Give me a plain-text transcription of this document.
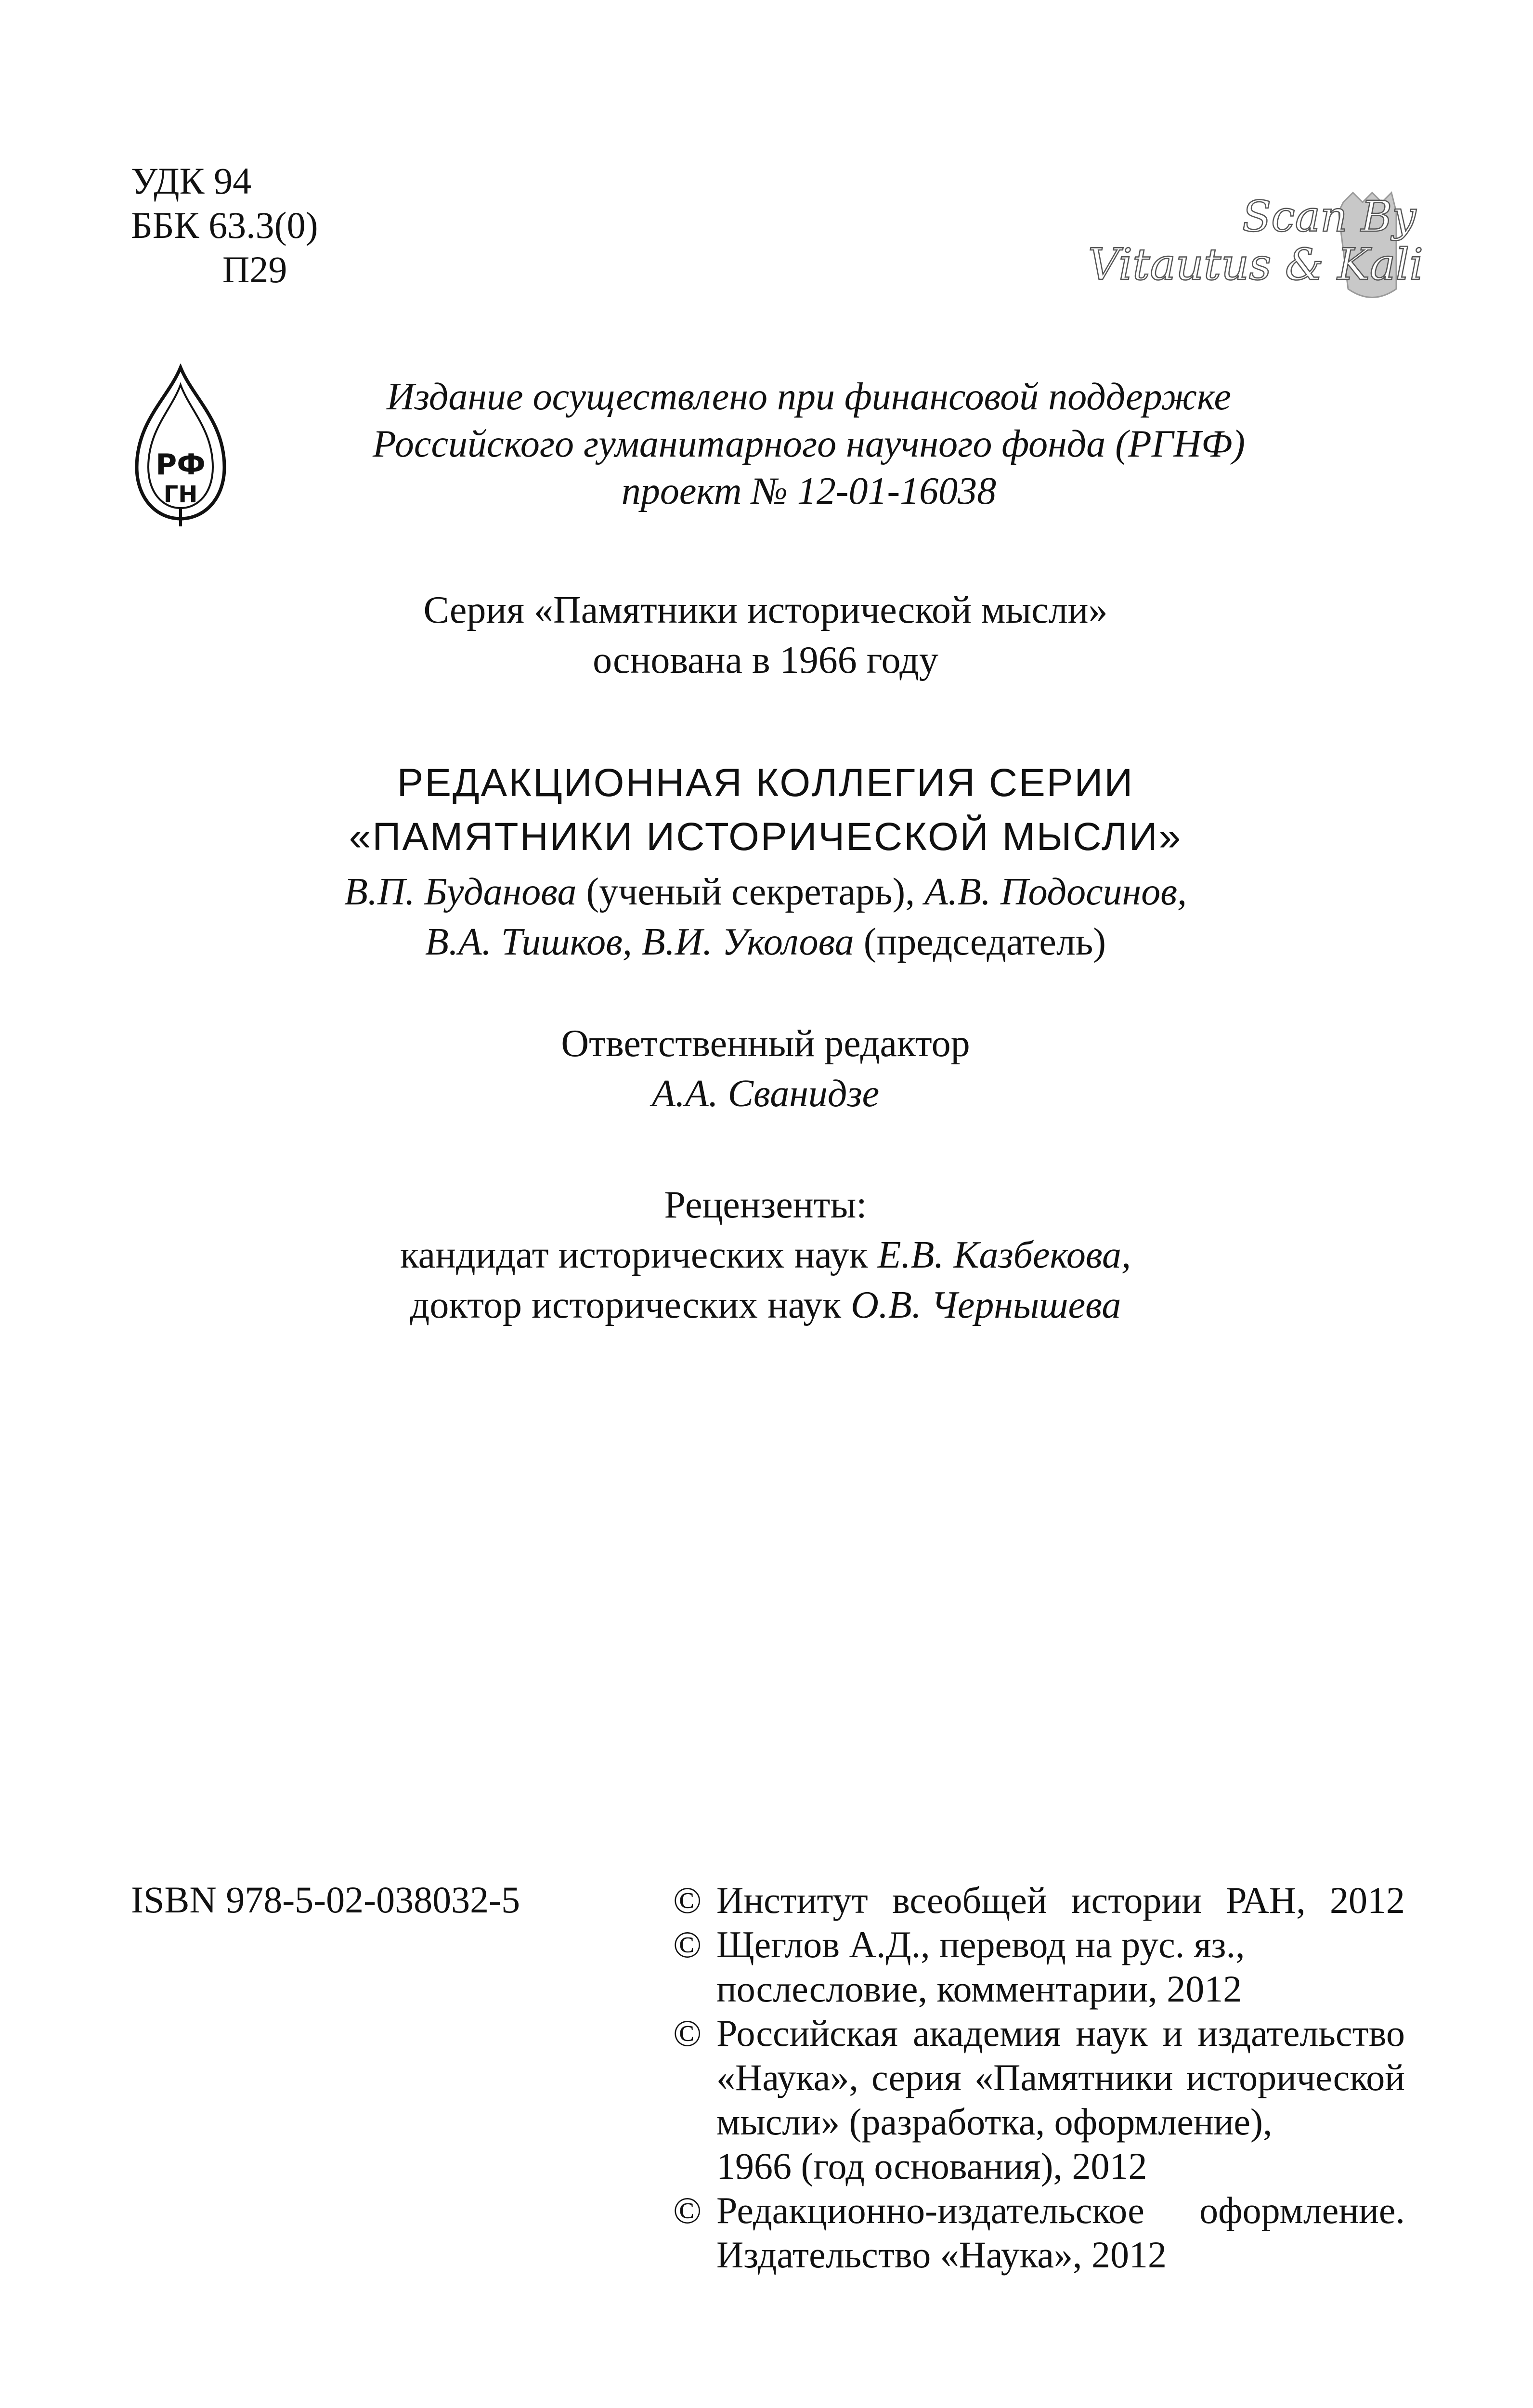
УДК 94
ББК 63.3(0)
П29
Scan By
Vitautus & Kali
РФ
ГН
Издание осуществлено при финансовой поддержке
Российского гуманитарного научного фонда (РГНФ)
проект № 12-01-16038
Серия «Памятники исторической мысли»
основана в 1966 году
РЕДАКЦИОННАЯ КОЛЛЕГИЯ СЕРИИ
«ПАМЯТНИКИ ИСТОРИЧЕСКОЙ МЫСЛИ»
В.П. Буданова (ученый секретарь), А.В. Подосинов,
В.А. Тишков, В.И. Уколова (председатель)
Ответственный редактор
А.А. Сванидзе
Рецензенты:
кандидат исторических наук Е.В. Казбекова,
доктор исторических наук О.В. Чернышева
ISBN 978-5-02-038032-5	© Институт всеобщей истории РАН, 2012
© Щеглов А.Д., перевод на рус. яз.,
послесловие, комментарии, 2012
© Российская академия наук и издательство
«Наука», серия «Памятники исторической
мысли» (разработка, оформление),
1966 (год основания), 2012
© Редакционно-издательское оформление.
Издательство «Наука», 2012
